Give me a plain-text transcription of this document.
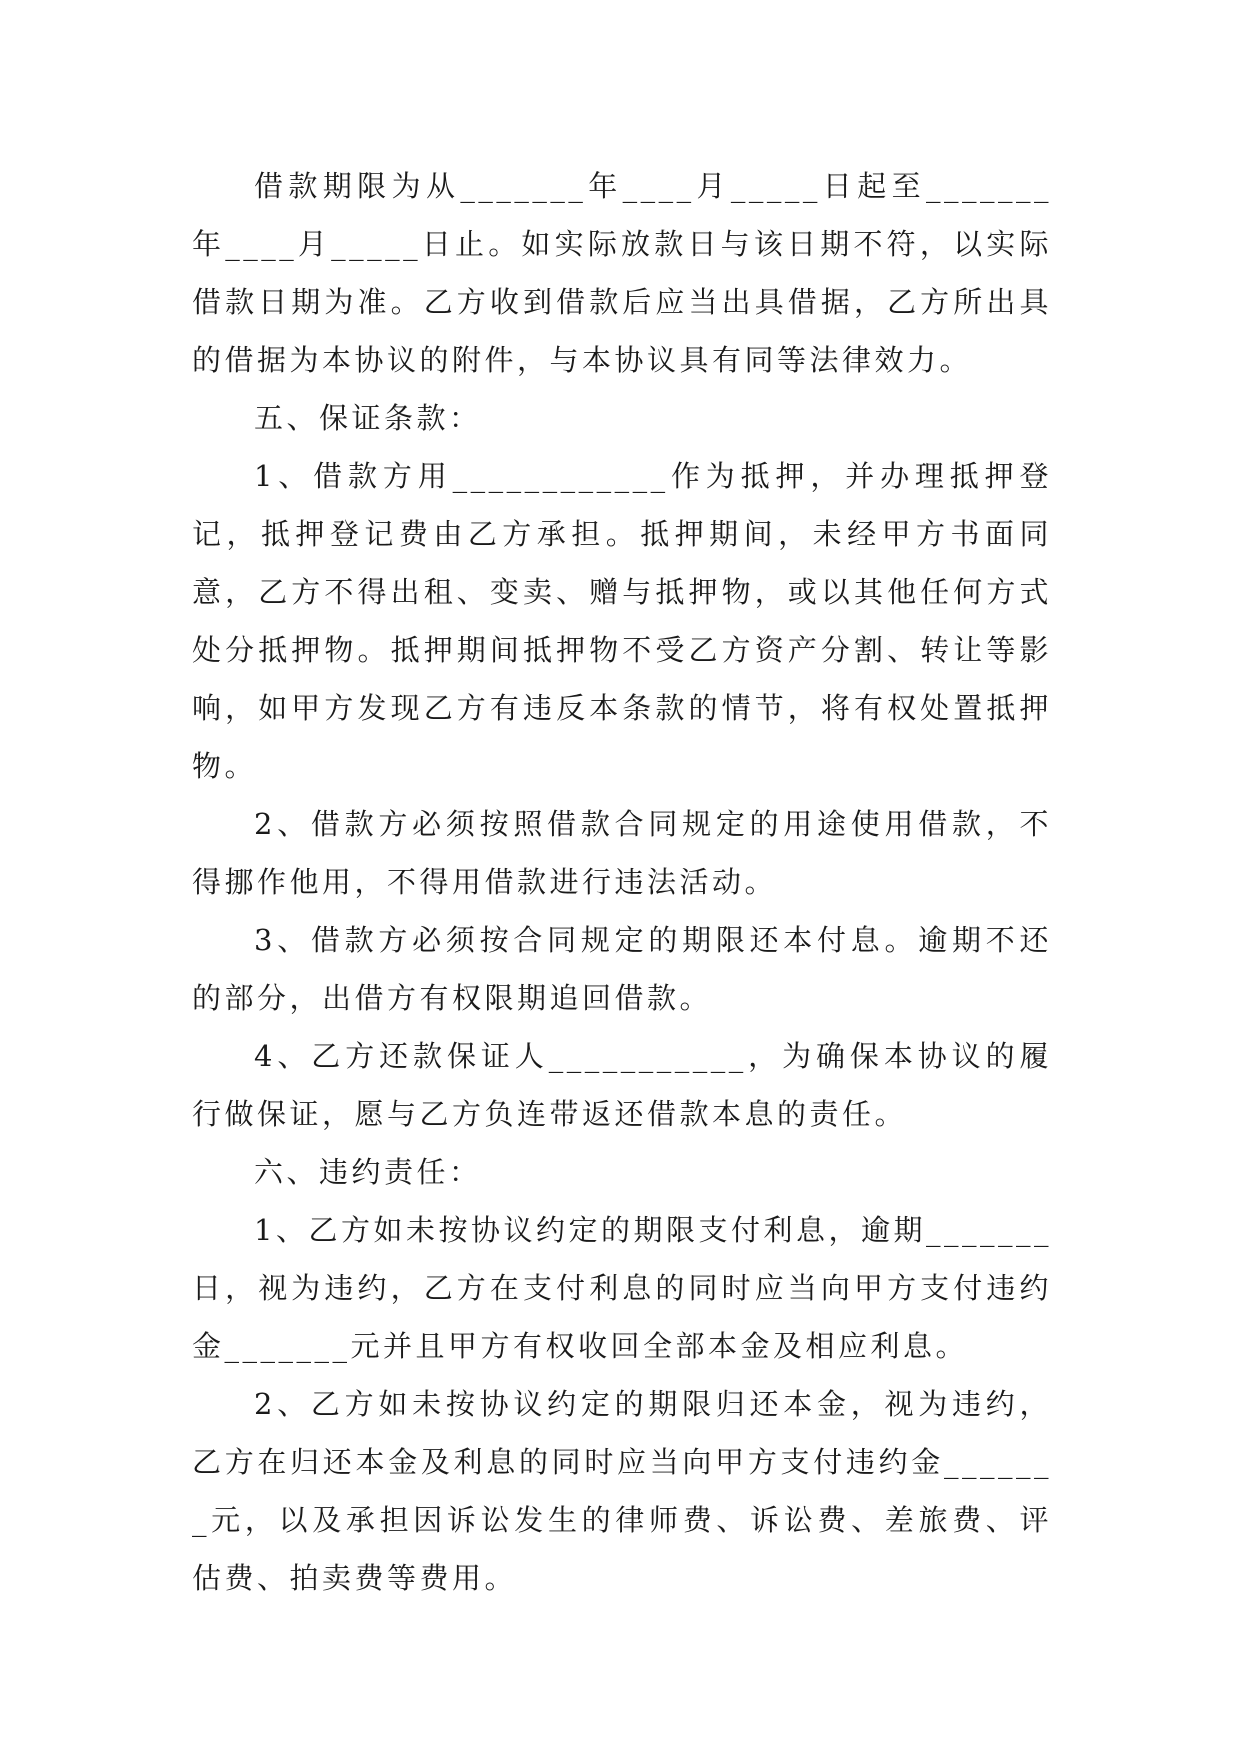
借款期限为从_______年____月_____日起至_______年____月_____日止。如实际放款日与该日期不符，以实际借款日期为准。乙方收到借款后应当出具借据，乙方所出具的借据为本协议的附件，与本协议具有同等法律效力。

五、保证条款：

1、借款方用____________作为抵押，并办理抵押登记，抵押登记费由乙方承担。抵押期间，未经甲方书面同意，乙方不得出租、变卖、赠与抵押物，或以其他任何方式处分抵押物。抵押期间抵押物不受乙方资产分割、转让等影响，如甲方发现乙方有违反本条款的情节，将有权处置抵押物。

2、借款方必须按照借款合同规定的用途使用借款，不得挪作他用，不得用借款进行违法活动。

3、借款方必须按合同规定的期限还本付息。逾期不还的部分，出借方有权限期追回借款。

4、乙方还款保证人___________，为确保本协议的履行做保证，愿与乙方负连带返还借款本息的责任。

六、违约责任：

1、乙方如未按协议约定的期限支付利息，逾期_______日，视为违约，乙方在支付利息的同时应当向甲方支付违约金_______元并且甲方有权收回全部本金及相应利息。

2、乙方如未按协议约定的期限归还本金，视为违约，乙方在归还本金及利息的同时应当向甲方支付违约金_______元，以及承担因诉讼发生的律师费、诉讼费、差旅费、评估费、拍卖费等费用。
